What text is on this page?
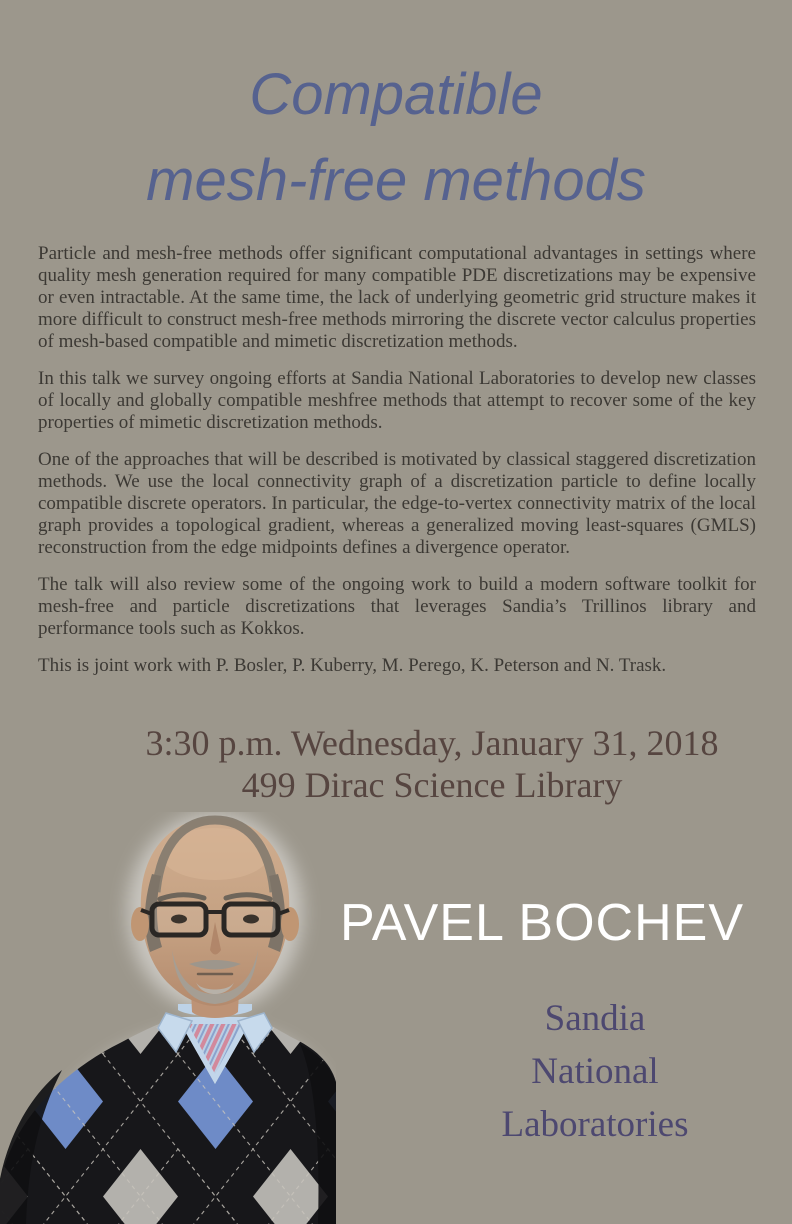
Compatible
mesh-free methods

Particle and mesh-free methods offer significant computational advantages in settings where quality mesh generation required for many compatible PDE discretizations may be expensive or even intractable. At the same time, the lack of underlying geometric grid structure makes it more difficult to construct mesh-free methods mirroring the discrete vector calculus properties of mesh-based compatible and mimetic discretization methods.

In this talk we survey ongoing efforts at Sandia National Laboratories to develop new classes of locally and globally compatible meshfree methods that attempt to recover some of the key properties of mimetic discretization methods.

One of the approaches that will be described is motivated by classical staggered discretization methods. We use the local connectivity graph of a discretization particle to define locally compatible discrete operators. In particular, the edge-to-vertex connectivity matrix of the local graph provides a topological gradient, whereas a generalized moving least-squares (GMLS) reconstruction from the edge midpoints defines a divergence operator.

The talk will also review some of the ongoing work to build a modern software toolkit for mesh-free and particle discretizations that leverages Sandia’s Trillinos library and performance tools such as Kokkos.

This is joint work with P. Bosler, P. Kuberry, M. Perego, K. Peterson and N. Trask.

3:30 p.m. Wednesday, January 31, 2018
499 Dirac Science Library
PAVEL BOCHEV
Sandia
National
Laboratories
